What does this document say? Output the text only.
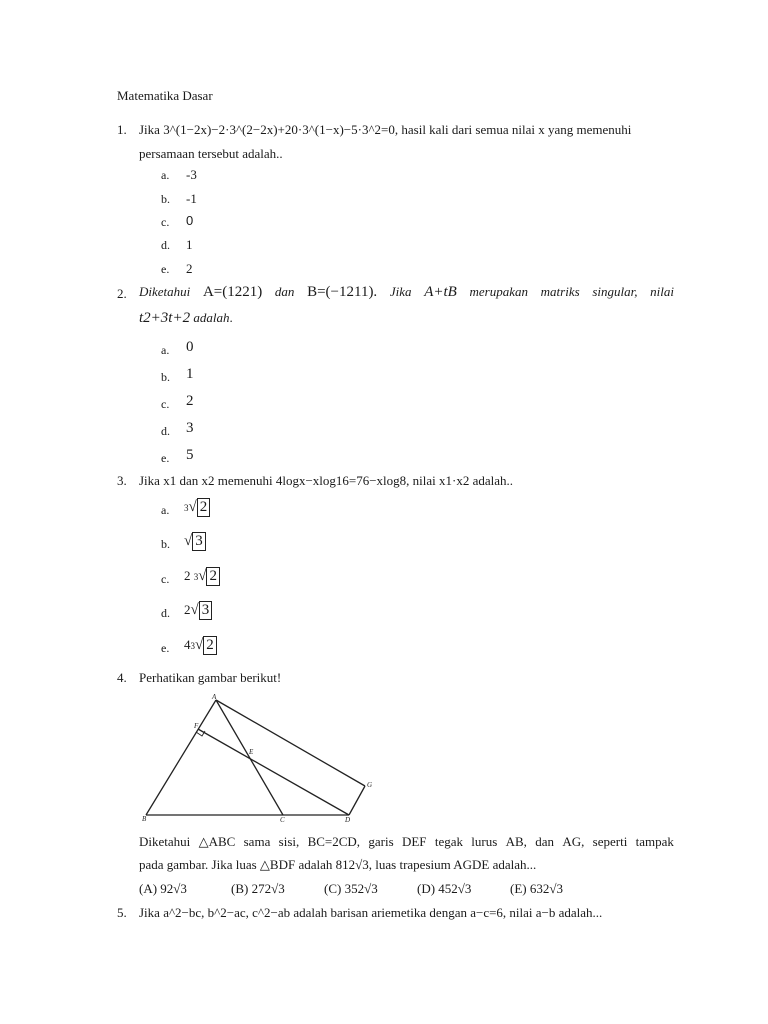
Matematika Dasar
1. Jika 3^(1−2x)−2·3^(2−2x)+20·3^(1−x)−5·3^2=0, hasil kali dari semua nilai x yang memenuhi
persamaan tersebut adalah..
a. -3
b. -1
c. 0
d. 1
e. 2
2. Diketahui A=(1221) dan B=(−1211). Jika A+tB merupakan matriks singular, nilai
t2+3t+2 adalah.
a. 0
b. 1
c. 2
d. 3
e. 5
3. Jika x1 dan x2 memenuhi 4logx−xlog16=76−xlog8, nilai x1·x2 adalah..
a. 3√ 2
b. √ 3
c. 2 3√ 2
d. 2√ 3
e. 43√ 2
4. Perhatikan gambar berikut!
A
B	C	D
E
F
G
Diketahui △ABC sama sisi, BC=2CD, garis DEF tegak lurus AB, dan AG, seperti tampak
pada gambar. Jika luas △BDF adalah 812√3, luas trapesium AGDE adalah...
(A) 92√3	(B) 272√3	(C) 352√3	(D) 452√3	(E) 632√3
5. Jika a^2−bc, b^2−ac, c^2−ab adalah barisan ariemetika dengan a−c=6, nilai a−b adalah...
